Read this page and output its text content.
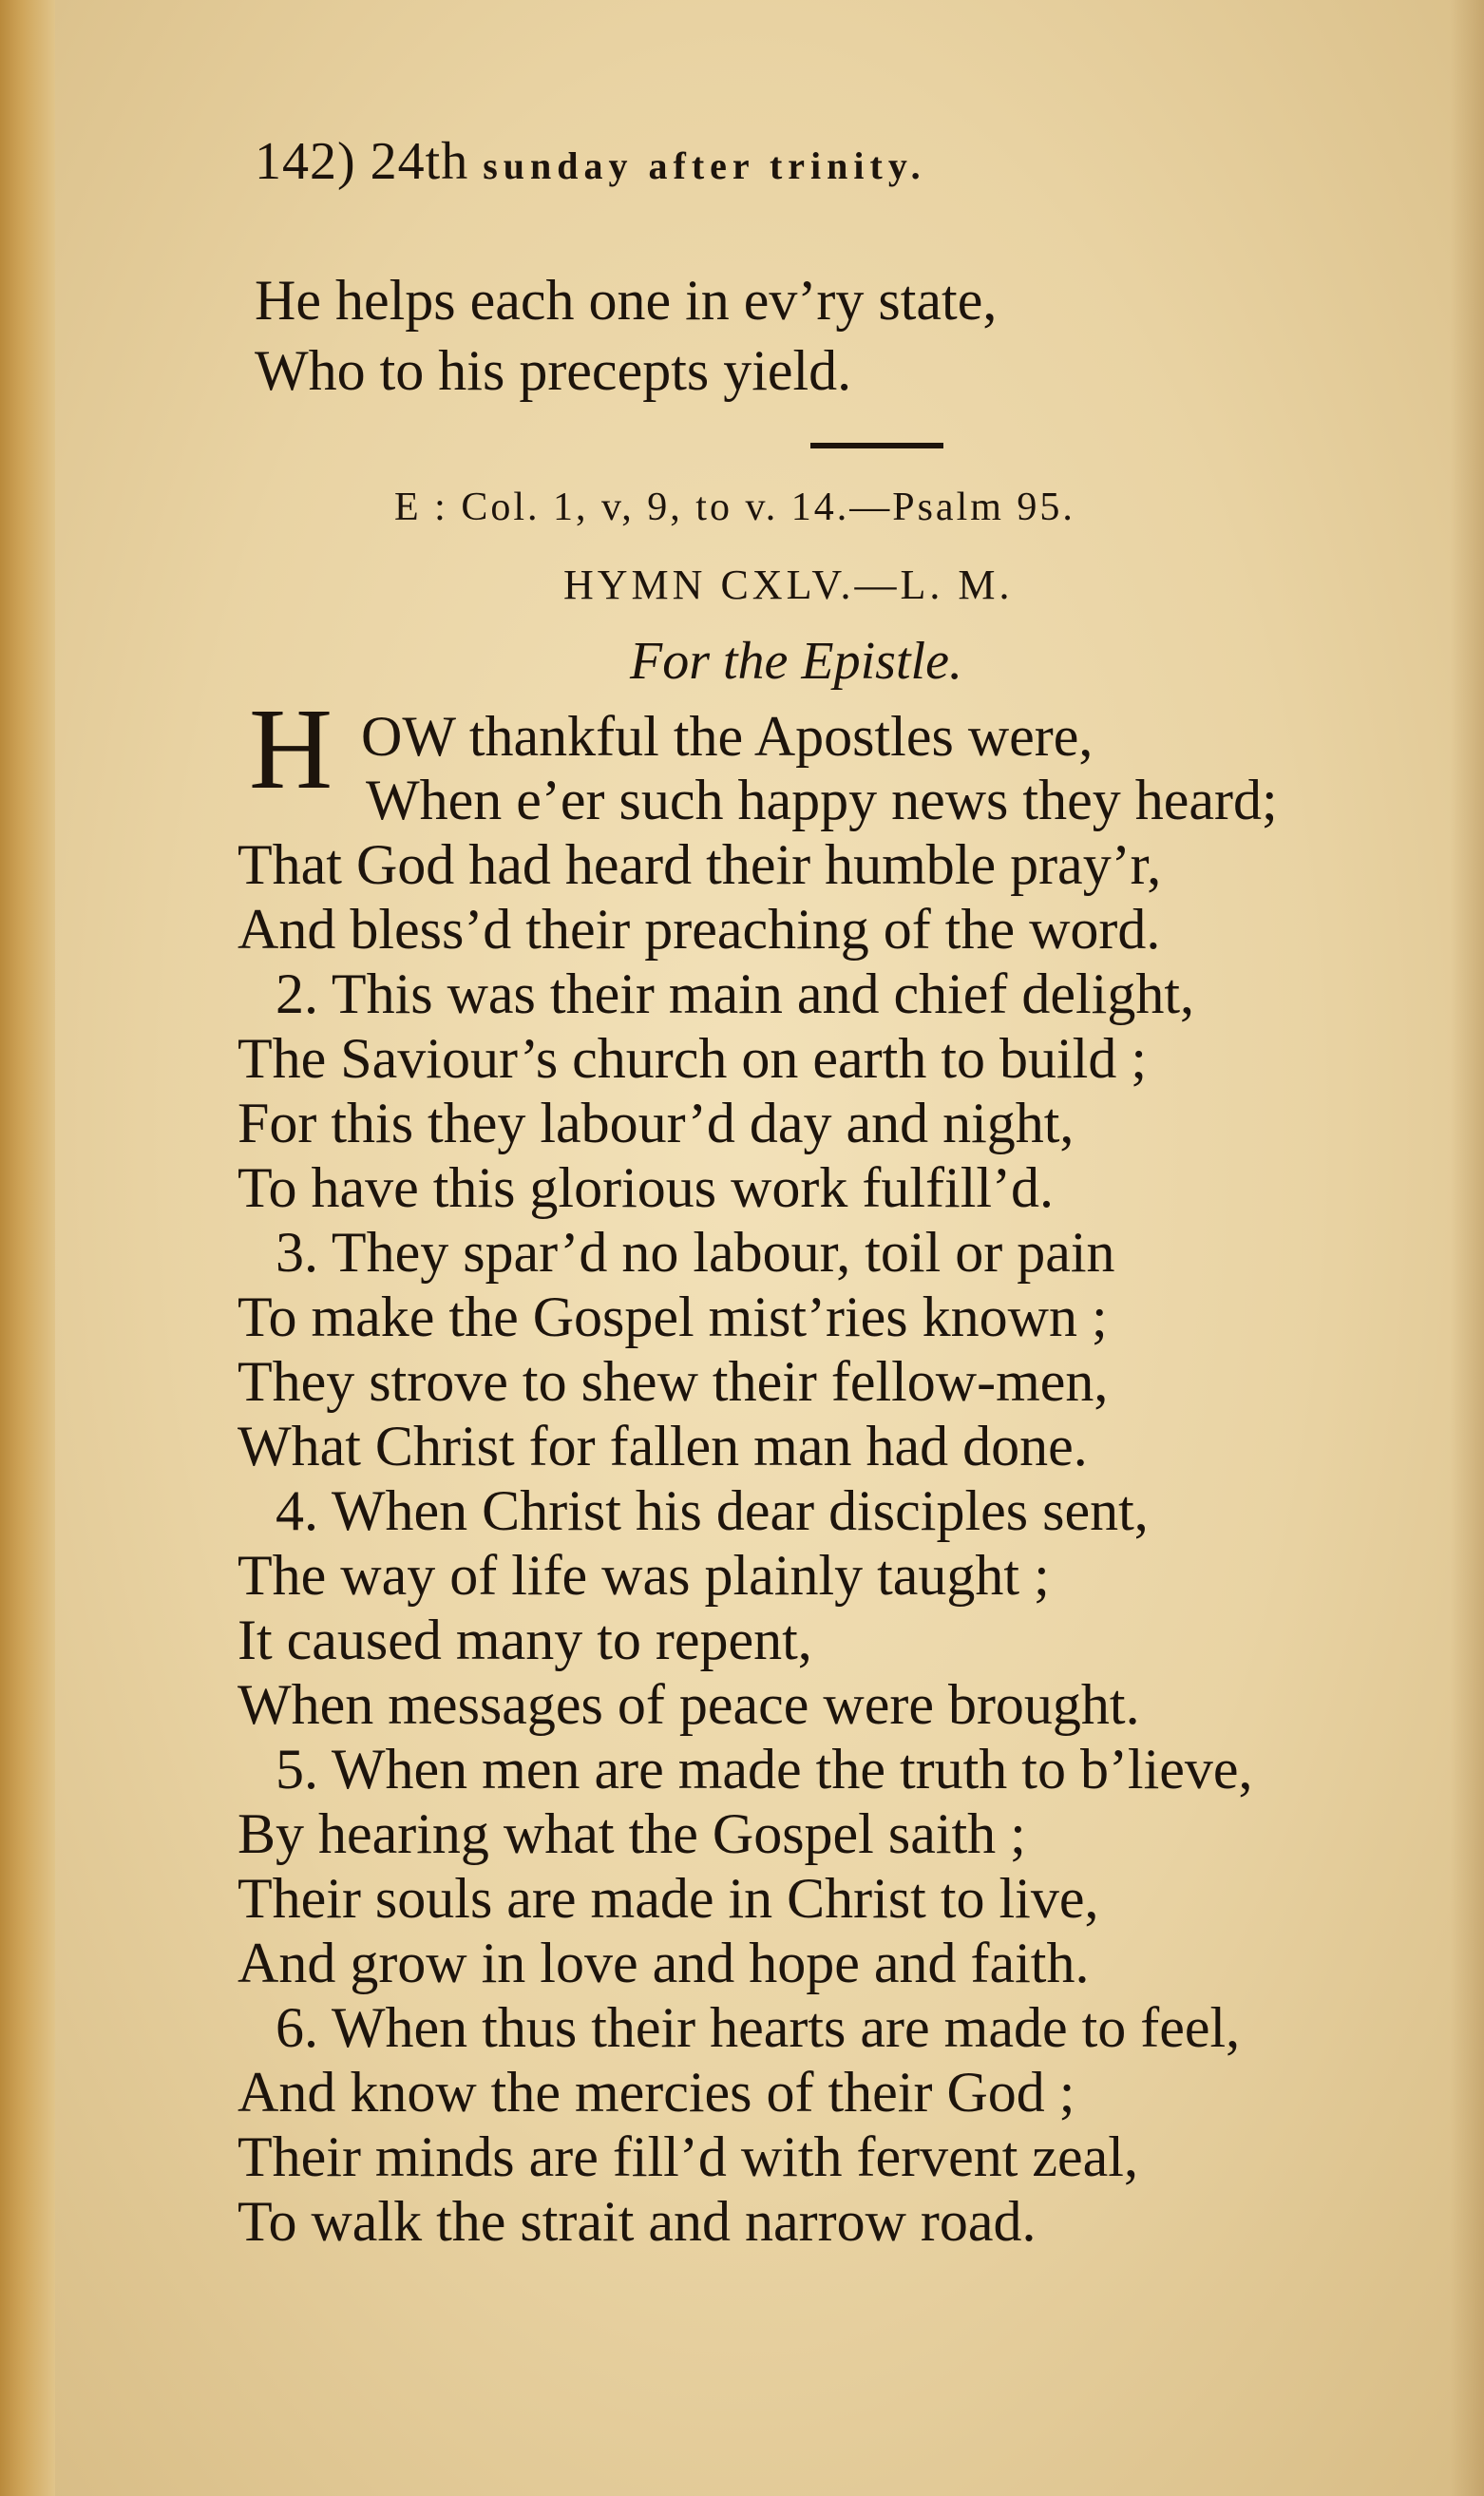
142) 24th sunday after trinity.
He helps each one in ev’ry state,
Who to his precepts yield.
E : Col. 1, v, 9, to v. 14.—Psalm 95.
HYMN CXLV.—L. M.
For the Epistle.
H OW thankful the Apostles were,
When e’er such happy news they heard;
That God had heard their humble pray’r,
And bless’d their preaching of the word.
2. This was their main and chief delight,
The Saviour’s church on earth to build ;
For this they labour’d day and night,
To have this glorious work fulfill’d.
3. They spar’d no labour, toil or pain
To make the Gospel mist’ries known ;
They strove to shew their fellow-men,
What Christ for fallen man had done.
4. When Christ his dear disciples sent,
The way of life was plainly taught ;
It caused many to repent,
When messages of peace were brought.
5. When men are made the truth to b’lieve,
By hearing what the Gospel saith ;
Their souls are made in Christ to live,
And grow in love and hope and faith.
6. When thus their hearts are made to feel,
And know the mercies of their God ;
Their minds are fill’d with fervent zeal,
To walk the strait and narrow road.
